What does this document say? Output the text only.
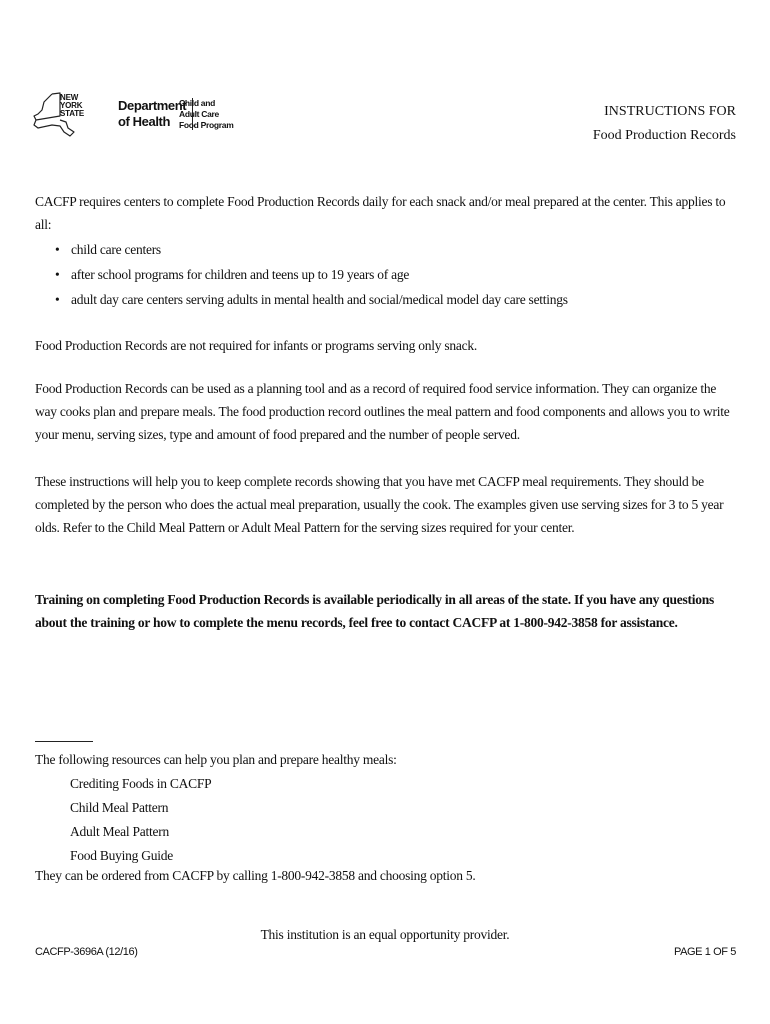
NEW
YORK
STATE
Department
of Health
Child and
Adult Care
Food Program
INSTRUCTIONS FOR
Food Production Records

CACFP requires centers to complete Food Production Records daily for each snack and/or meal prepared at the center. This applies to all:

• child care centers
• after school programs for children and teens up to 19 years of age
• adult day care centers serving adults in mental health and social/medical model day care settings

Food Production Records are not required for infants or programs serving only snack.

Food Production Records can be used as a planning tool and as a record of required food service information. They can organize the way cooks plan and prepare meals. The food production record outlines the meal pattern and food components and allows you to write your menu, serving sizes, type and amount of food prepared and the number of people served.

These instructions will help you to keep complete records showing that you have met CACFP meal requirements. They should be completed by the person who does the actual meal preparation, usually the cook. The examples given use serving sizes for 3 to 5 year olds. Refer to the Child Meal Pattern or Adult Meal Pattern for the serving sizes required for your center.

Training on completing Food Production Records is available periodically in all areas of the state. If you have any questions about the training or how to complete the menu records, feel free to contact CACFP at 1-800-942-3858 for assistance.

The following resources can help you plan and prepare healthy meals:
Crediting Foods in CACFP
Child Meal Pattern
Adult Meal Pattern
Food Buying Guide
They can be ordered from CACFP by calling 1-800-942-3858 and choosing option 5.
This institution is an equal opportunity provider.
CACFP-3696A (12/16)	PAGE 1 OF 5
